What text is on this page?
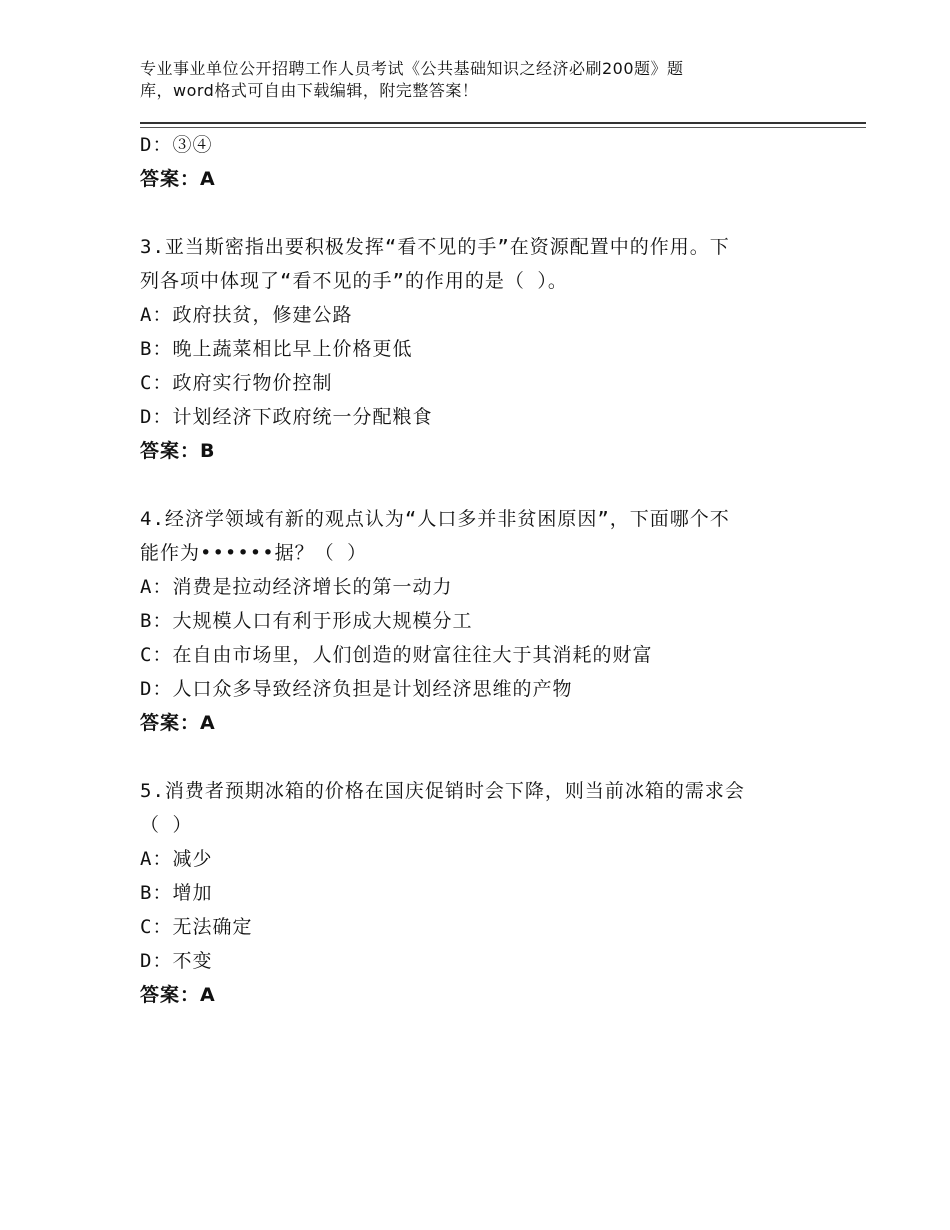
专业事业单位公开招聘工作人员考试《公共基础知识之经济必刷200题》题
库，word格式可自由下载编辑，附完整答案！
D：③④
答案：A
3.亚当斯密指出要积极发挥“看不见的手”在资源配置中的作用。下
列各项中体现了“看不见的手”的作用的是（ ）。
A：政府扶贫，修建公路
B：晚上蔬菜相比早上价格更低
C：政府实行物价控制
D：计划经济下政府统一分配粮食
答案：B
4.经济学领域有新的观点认为“人口多并非贫困原因”，下面哪个不
能作为••••••据？（ ）
A：消费是拉动经济增长的第一动力
B：大规模人口有利于形成大规模分工
C：在自由市场里，人们创造的财富往往大于其消耗的财富
D：人口众多导致经济负担是计划经济思维的产物
答案：A
5.消费者预期冰箱的价格在国庆促销时会下降，则当前冰箱的需求会
（ ）
A：减少
B：增加
C：无法确定
D：不变
答案：A
